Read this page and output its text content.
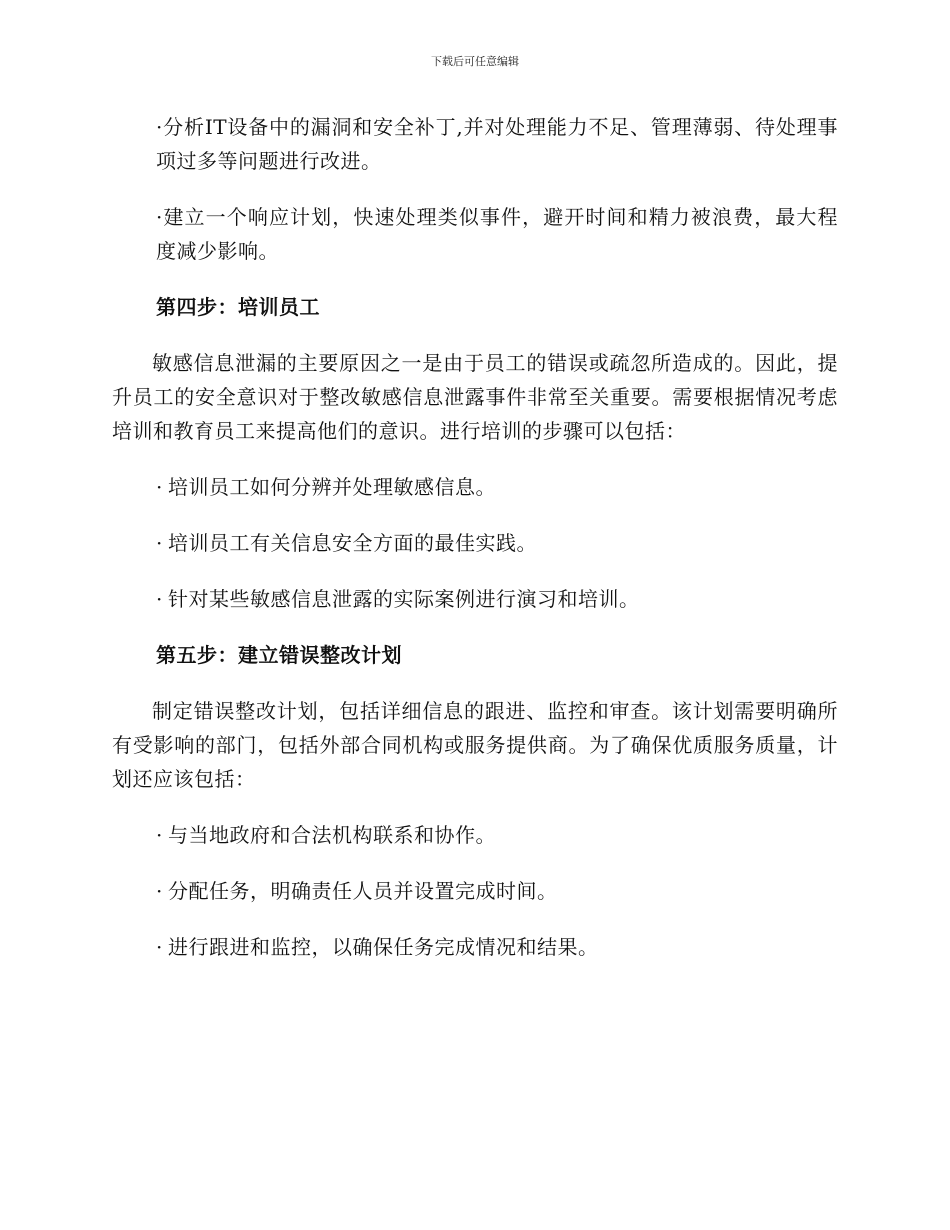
下载后可任意编辑

·分析IT设备中的漏洞和安全补丁,并对处理能力不足、管理薄弱、待处理事项过多等问题进行改进。

·建立一个响应计划，快速处理类似事件，避开时间和精力被浪费，最大程度减少影响。

第四步：培训员工

敏感信息泄漏的主要原因之一是由于员工的错误或疏忽所造成的。因此，提升员工的安全意识对于整改敏感信息泄露事件非常至关重要。需要根据情况考虑培训和教育员工来提高他们的意识。进行培训的步骤可以包括：

· 培训员工如何分辨并处理敏感信息。

· 培训员工有关信息安全方面的最佳实践。

· 针对某些敏感信息泄露的实际案例进行演习和培训。

第五步：建立错误整改计划

制定错误整改计划，包括详细信息的跟进、监控和审查。该计划需要明确所有受影响的部门，包括外部合同机构或服务提供商。为了确保优质服务质量，计划还应该包括：

· 与当地政府和合法机构联系和协作。

· 分配任务，明确责任人员并设置完成时间。

· 进行跟进和监控，以确保任务完成情况和结果。
